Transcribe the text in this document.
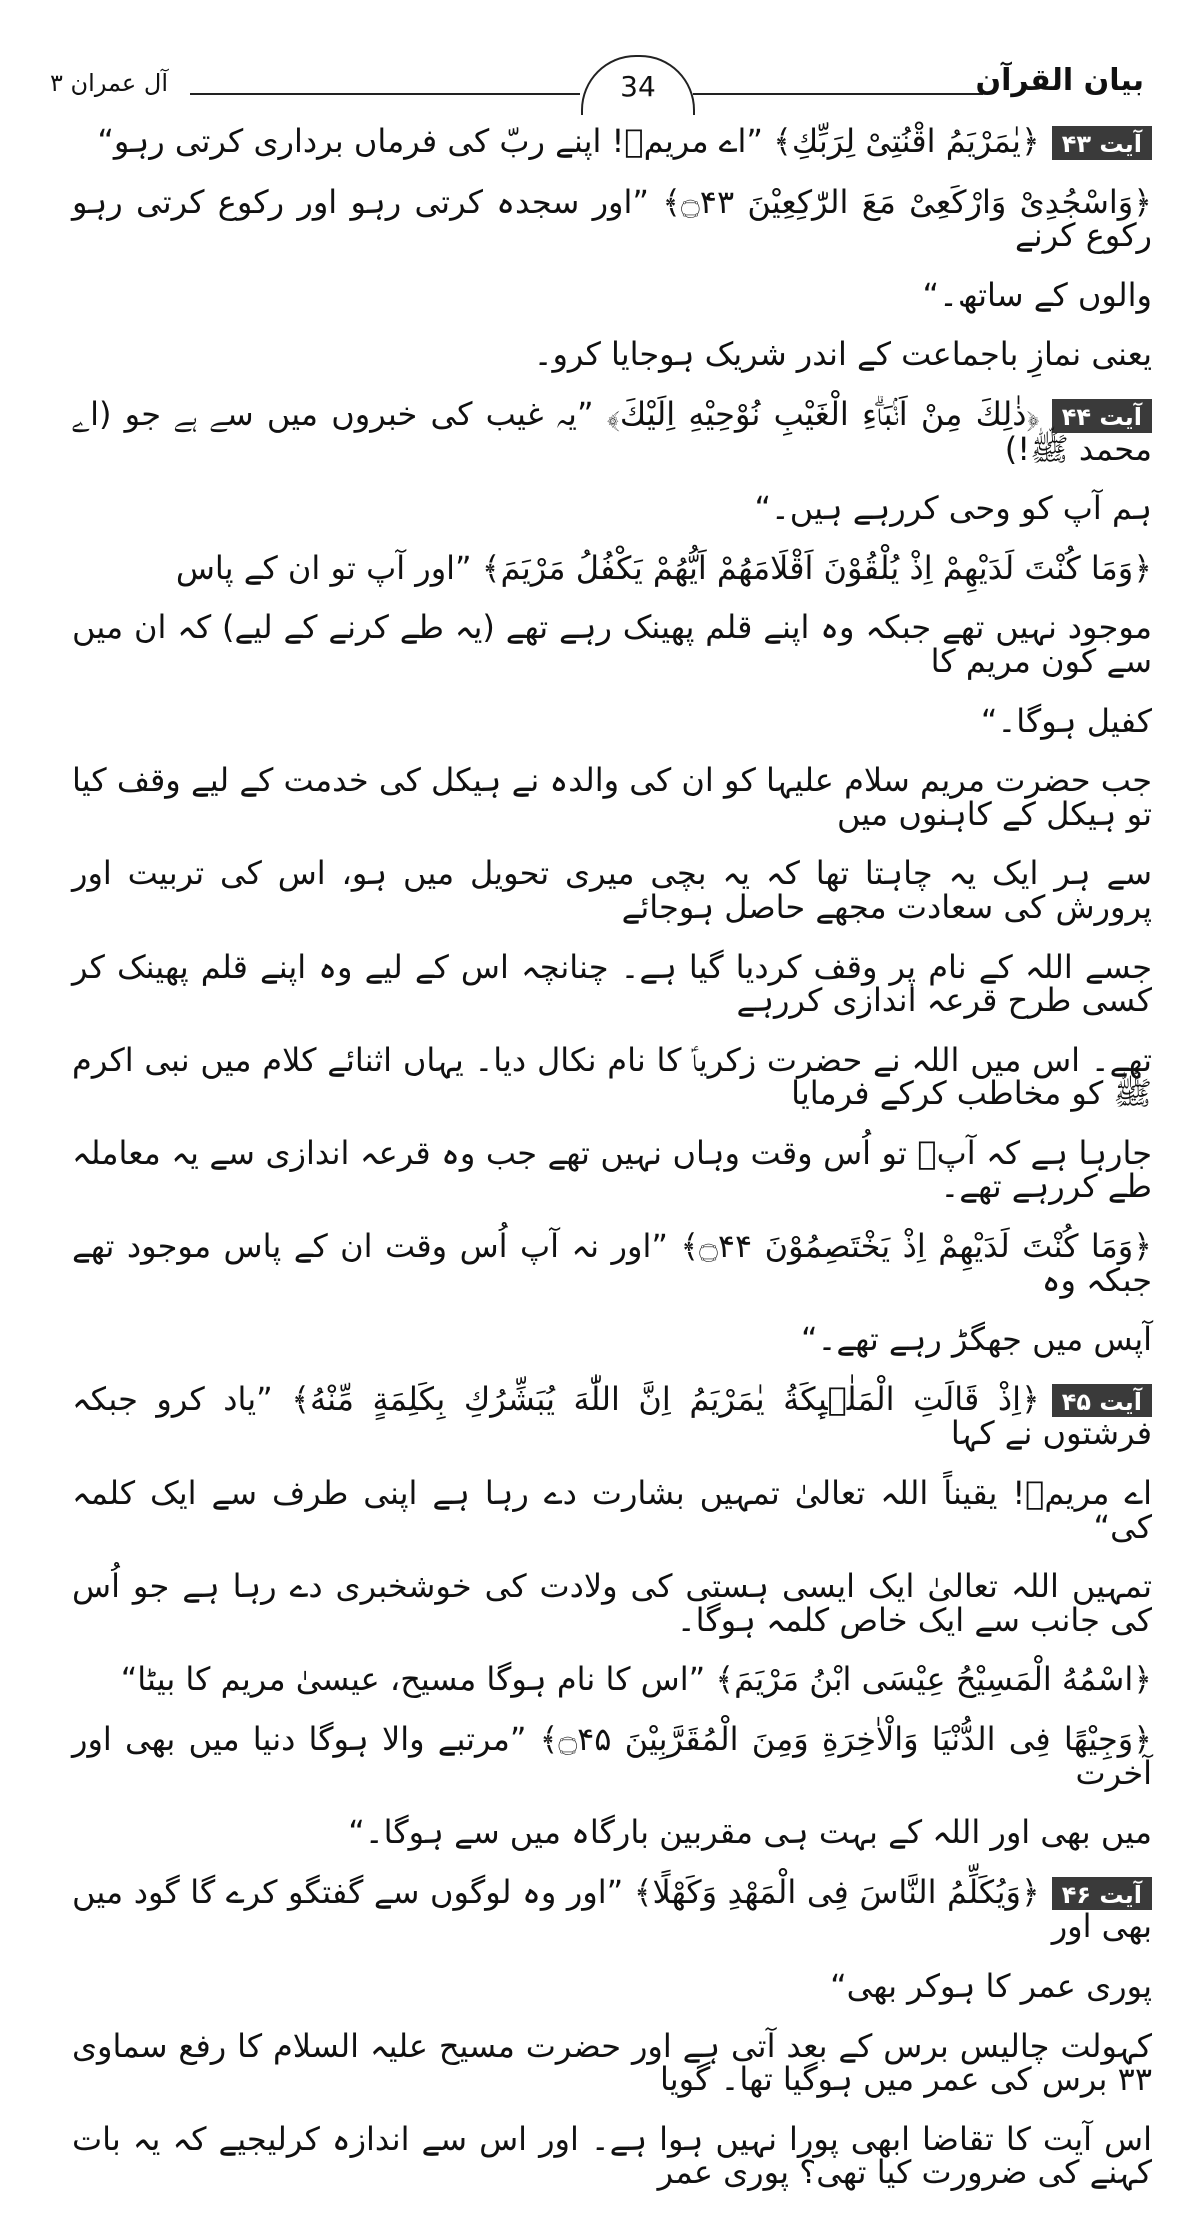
بیان القرآن
34
آل عمران ۳
آیت ۴۳﴿یٰمَرْیَمُ اقْنُتِیْ لِرَبِّكِ﴾ ”اے مریمؑ! اپنے ربّ کی فرماں برداری کرتی رہو“
﴿وَاسْجُدِیْ وَارْكَعِیْ مَعَ الرّٰكِعِیْنَ ۝۴۳﴾ ”اور سجدہ کرتی رہو اور رکوع کرتی رہو رکوع کرنے
والوں کے ساتھ۔“
یعنی نمازِ باجماعت کے اندر شریک ہوجایا کرو۔
آیت ۴۴﴿ذٰلِكَ مِنْ اَنْۢبَاۗءِ الْغَیْبِ نُوْحِیْهِ اِلَیْكَ﴾ ”یہ غیب کی خبروں میں سے ہے جو (اے محمد ﷺ!)
ہم آپ کو وحی کررہے ہیں۔“
﴿وَمَا كُنْتَ لَدَیْهِمْ اِذْ یُلْقُوْنَ اَقْلَامَهُمْ اَیُّهُمْ یَكْفُلُ مَرْیَمَ﴾ ”اور آپ تو ان کے پاس
موجود نہیں تھے جبکہ وہ اپنے قلم پھینک رہے تھے (یہ طے کرنے کے لیے) کہ ان میں سے کون مریم کا
کفیل ہوگا۔“
جب حضرت مریم سلام علیہا کو ان کی والدہ نے ہیکل کی خدمت کے لیے وقف کیا تو ہیکل کے کاہنوں میں
سے ہر ایک یہ چاہتا تھا کہ یہ بچی میری تحویل میں ہو، اس کی تربیت اور پرورش کی سعادت مجھے حاصل ہوجائے
جسے اللہ کے نام پر وقف کردیا گیا ہے۔ چنانچہ اس کے لیے وہ اپنے قلم پھینک کر کسی طرح قرعہ اندازی کررہے
تھے۔ اس میں اللہ نے حضرت زکریاؑ کا نام نکال دیا۔ یہاں اثنائے کلام میں نبی اکرم ﷺ کو مخاطب کرکے فرمایا
جارہا ہے کہ آپؐ تو اُس وقت وہاں نہیں تھے جب وہ قرعہ اندازی سے یہ معاملہ طے کررہے تھے۔
﴿وَمَا كُنْتَ لَدَیْهِمْ اِذْ یَخْتَصِمُوْنَ ۝۴۴﴾ ”اور نہ آپ اُس وقت ان کے پاس موجود تھے جبکہ وہ
آپس میں جھگڑ رہے تھے۔“
آیت ۴۵﴿اِذْ قَالَتِ الْمَلٰۗىِٕكَةُ یٰمَرْیَمُ اِنَّ اللّٰهَ یُبَشِّرُكِ بِكَلِمَةٍ مِّنْهُ﴾ ”یاد کرو جبکہ فرشتوں نے کہا
اے مریمؑ! یقیناً اللہ تعالیٰ تمہیں بشارت دے رہا ہے اپنی طرف سے ایک کلمہ کی“
تمہیں اللہ تعالیٰ ایک ایسی ہستی کی ولادت کی خوشخبری دے رہا ہے جو اُس کی جانب سے ایک خاص کلمہ ہوگا۔
﴿اسْمُهُ الْمَسِیْحُ عِیْسَى ابْنُ مَرْیَمَ﴾ ”اس کا نام ہوگا مسیح، عیسیٰ مریم کا بیٹا“
﴿وَجِیْهًا فِی الدُّنْیَا وَالْاٰخِرَةِ وَمِنَ الْمُقَرَّبِیْنَ ۝۴۵﴾ ”مرتبے والا ہوگا دنیا میں بھی اور آخرت
میں بھی اور اللہ کے بہت ہی مقربین بارگاہ میں سے ہوگا۔“
آیت ۴۶﴿وَیُكَلِّمُ النَّاسَ فِی الْمَهْدِ وَكَهْلًا﴾ ”اور وہ لوگوں سے گفتگو کرے گا گود میں بھی اور
پوری عمر کا ہوکر بھی“
کہولت چالیس برس کے بعد آتی ہے اور حضرت مسیح علیہ السلام کا رفع سماوی ۳۳ برس کی عمر میں ہوگیا تھا۔ گویا
اس آیت کا تقاضا ابھی پورا نہیں ہوا ہے۔ اور اس سے اندازہ کرلیجیے کہ یہ بات کہنے کی ضرورت کیا تھی؟ پوری عمر
